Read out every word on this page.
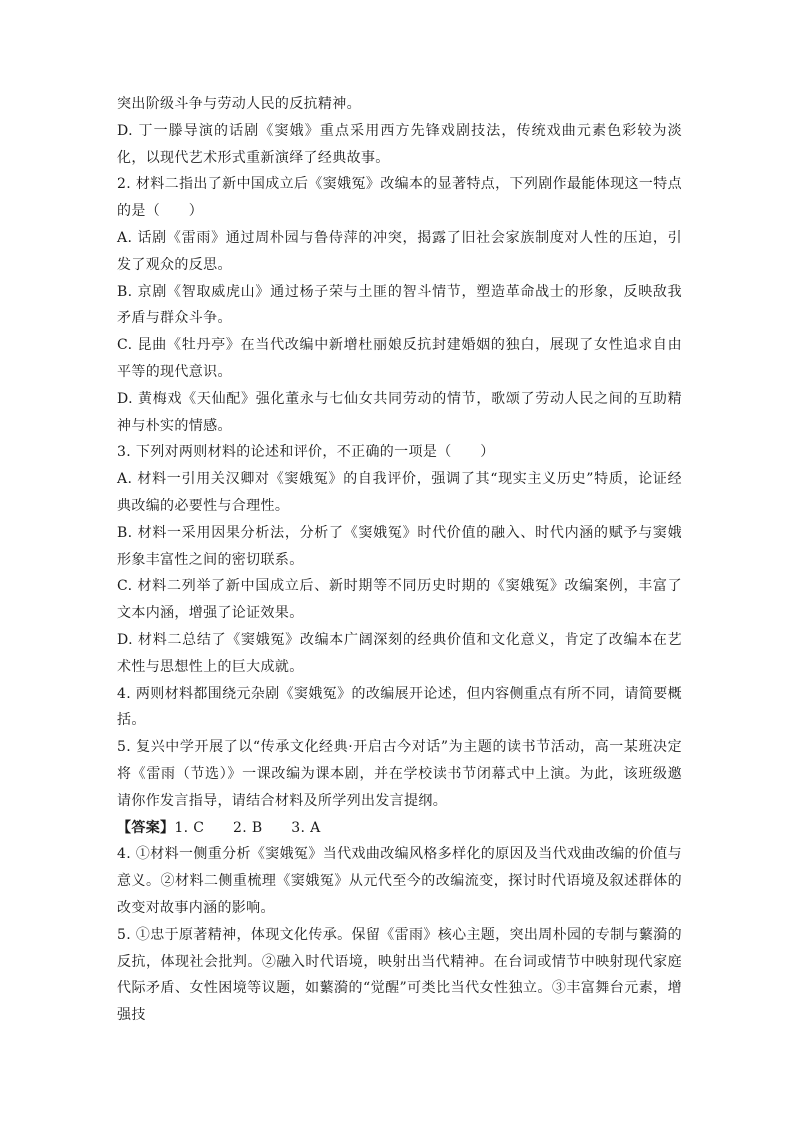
突出阶级斗争与劳动人民的反抗精神。

D. 丁一滕导演的话剧《窦娥》重点采用西方先锋戏剧技法，传统戏曲元素色彩较为淡化，以现代艺术形式重新演绎了经典故事。

2. 材料二指出了新中国成立后《窦娥冤》改编本的显著特点，下列剧作最能体现这一特点的是（　　）

A. 话剧《雷雨》通过周朴园与鲁侍萍的冲突，揭露了旧社会家族制度对人性的压迫，引发了观众的反思。

B. 京剧《智取威虎山》通过杨子荣与土匪的智斗情节，塑造革命战士的形象，反映敌我矛盾与群众斗争。

C. 昆曲《牡丹亭》在当代改编中新增杜丽娘反抗封建婚姻的独白，展现了女性追求自由平等的现代意识。

D. 黄梅戏《天仙配》强化董永与七仙女共同劳动的情节，歌颂了劳动人民之间的互助精神与朴实的情感。

3. 下列对两则材料的论述和评价，不正确的一项是（　　）

A. 材料一引用关汉卿对《窦娥冤》的自我评价，强调了其“现实主义历史”特质，论证经典改编的必要性与合理性。

B. 材料一采用因果分析法，分析了《窦娥冤》时代价值的融入、时代内涵的赋予与窦娥形象丰富性之间的密切联系。

C. 材料二列举了新中国成立后、新时期等不同历史时期的《窦娥冤》改编案例，丰富了文本内涵，增强了论证效果。

D. 材料二总结了《窦娥冤》改编本广阔深刻的经典价值和文化意义，肯定了改编本在艺术性与思想性上的巨大成就。

4. 两则材料都围绕元杂剧《窦娥冤》的改编展开论述，但内容侧重点有所不同，请简要概括。

5. 复兴中学开展了以“传承文化经典·开启古今对话”为主题的读书节活动，高一某班决定将《雷雨（节选）》一课改编为课本剧，并在学校读书节闭幕式中上演。为此，该班级邀请你作发言指导，请结合材料及所学列出发言提纲。

【答案】1. C　　2. B　　3. A

4. ①材料一侧重分析《窦娥冤》当代戏曲改编风格多样化的原因及当代戏曲改编的价值与意义。②材料二侧重梳理《窦娥冤》从元代至今的改编流变，探讨时代语境及叙述群体的改变对故事内涵的影响。

5. ①忠于原著精神，体现文化传承。保留《雷雨》核心主题，突出周朴园的专制与蘩漪的反抗，体现社会批判。②融入时代语境，映射出当代精神。在台词或情节中映射现代家庭代际矛盾、女性困境等议题，如蘩漪的“觉醒”可类比当代女性独立。③丰富舞台元素，增强技
